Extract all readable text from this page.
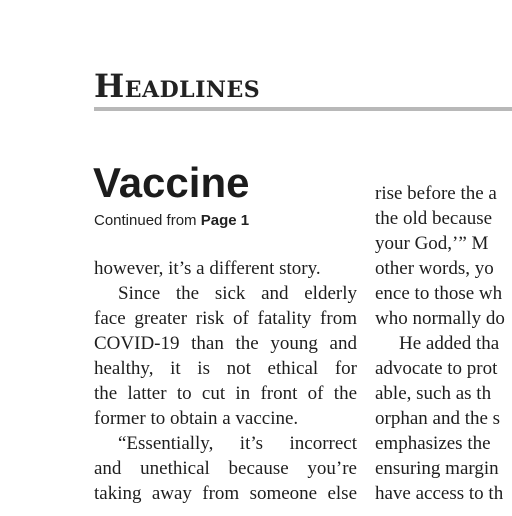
Headlines
Vaccine
Continued from Page 1
however, it’s a different story.
Since the sick and elderly
face greater risk of fatality from
COVID-19 than the young and
healthy, it is not ethical for
the latter to cut in front of the
former to obtain a vaccine.
“Essentially, it’s incorrect
and unethical because you’re
taking away from someone else
rise before the a
the old because
your God,’” M
other words, yo
ence to those wh
who normally do
He added tha
advocate to prot
able, such as th
orphan and the s
emphasizes the
ensuring margin
have access to th
